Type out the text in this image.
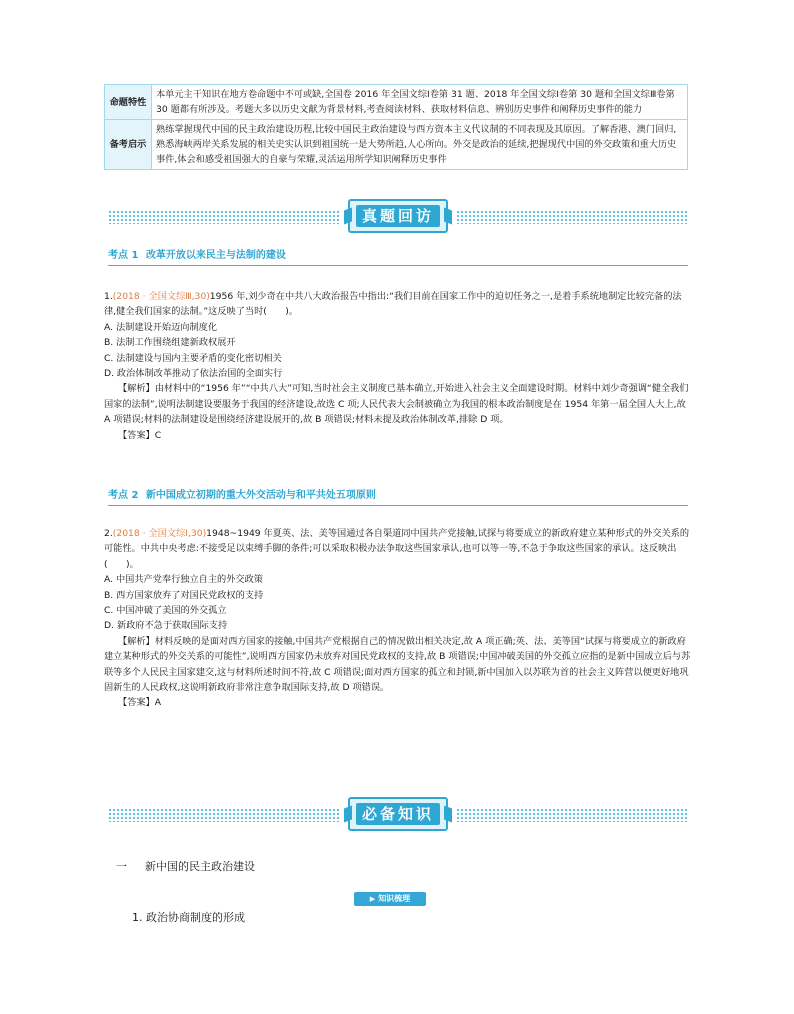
命题特性	本单元主干知识在地方卷命题中不可或缺,全国卷 2016 年全国文综Ⅰ卷第 31 题、2018 年全国文综Ⅰ卷第 30 题和全国文综Ⅲ卷第 30 题都有所涉及。考题大多以历史文献为背景材料,考查阅读材料、获取材料信息、辨别历史事件和阐释历史事件的能力
备考启示	熟练掌握现代中国的民主政治建设历程,比较中国民主政治建设与西方资本主义代议制的不同表现及其原因。了解香港、澳门回归,熟悉海峡两岸关系发展的相关史实认识到祖国统一是大势所趋,人心所向。外交是政治的延续,把握现代中国的外交政策和重大历史事件,体会和感受祖国强大的自豪与荣耀,灵活运用所学知识阐释历史事件
真题回访
考点 1 改革开放以来民主与法制的建设

1.(2018 · 全国文综Ⅲ,30)1956 年,刘少奇在中共八大政治报告中指出:“我们目前在国家工作中的迫切任务之一,是着手系统地制定比较完备的法律,健全我们国家的法制。”这反映了当时(　　)。

A. 法制建设开始迈向制度化

B. 法制工作围绕组建新政权展开

C. 法制建设与国内主要矛盾的变化密切相关

D. 政治体制改革推动了依法治国的全面实行

【解析】由材料中的“1956 年”“中共八大”可知,当时社会主义制度已基本确立,开始进入社会主义全面建设时期。材料中刘少奇强调“健全我们国家的法制”,说明法制建设要服务于我国的经济建设,故选 C 项;人民代表大会制被确立为我国的根本政治制度是在 1954 年第一届全国人大上,故 A 项错误;材料的法制建设是围绕经济建设展开的,故 B 项错误;材料未提及政治体制改革,排除 D 项。

【答案】C

考点 2 新中国成立初期的重大外交活动与和平共处五项原则

2.(2018 · 全国文综Ⅰ,30)1948~1949 年夏英、法、美等国通过各自渠道同中国共产党接触,试探与将要成立的新政府建立某种形式的外交关系的可能性。中共中央考虑:不接受足以束缚手脚的条件;可以采取积极办法争取这些国家承认,也可以等一等,不急于争取这些国家的承认。这反映出(　　)。

A. 中国共产党奉行独立自主的外交政策

B. 西方国家放弃了对国民党政权的支持

C. 中国冲破了美国的外交孤立

D. 新政府不急于获取国际支持

【解析】材料反映的是面对西方国家的接触,中国共产党根据自己的情况做出相关决定,故 A 项正确;英、法、美等国“试探与将要成立的新政府建立某种形式的外交关系的可能性”,说明西方国家仍未放弃对国民党政权的支持,故 B 项错误;中国冲破美国的外交孤立应指的是新中国成立后与苏联等多个人民民主国家建交,这与材料所述时间不符,故 C 项错误;面对西方国家的孤立和封锁,新中国加入以苏联为首的社会主义阵营以便更好地巩固新生的人民政权,这说明新政府非常注意争取国际支持,故 D 项错误。

【答案】A

必备知识
一 新中国的民主政治建设
▶ 知识梳理
1. 政治协商制度的形成
